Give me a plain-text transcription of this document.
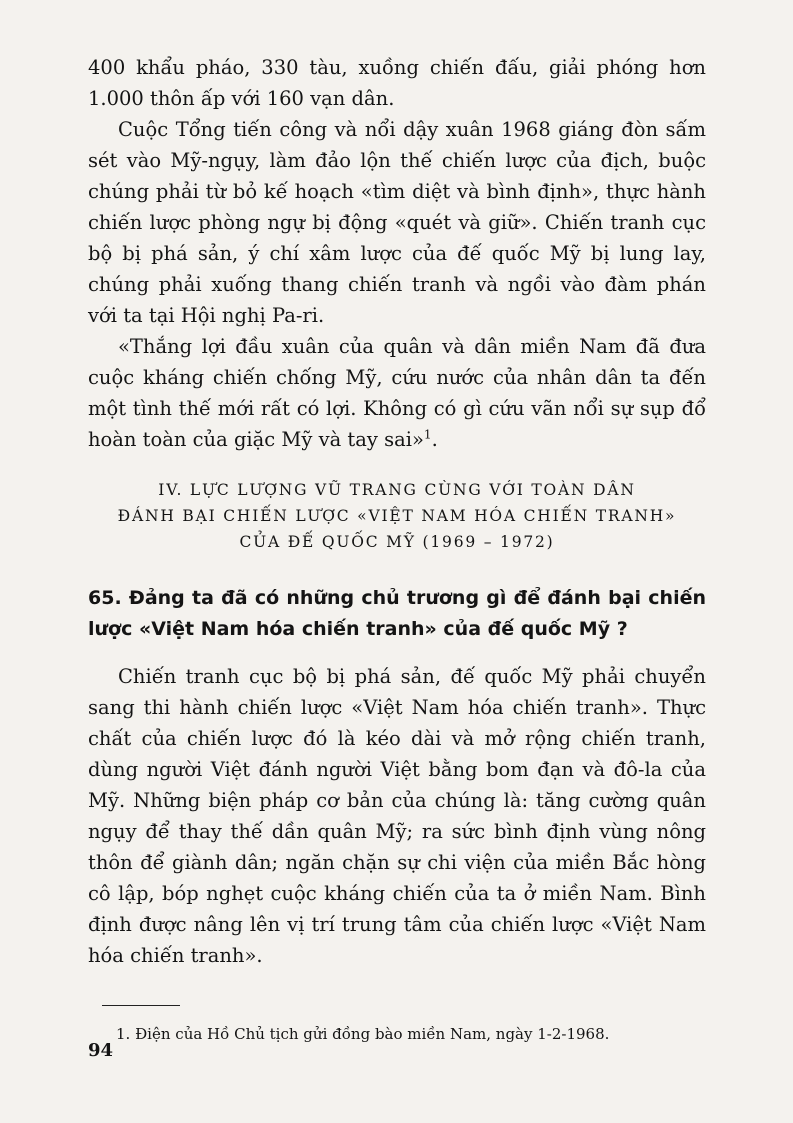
400 khẩu pháo, 330 tàu, xuồng chiến đấu, giải phóng hơn 1.000 thôn ấp với 160 vạn dân.

Cuộc Tổng tiến công và nổi dậy xuân 1968 giáng đòn sấm sét vào Mỹ-ngụy, làm đảo lộn thế chiến lược của địch, buộc chúng phải từ bỏ kế hoạch «tìm diệt và bình định», thực hành chiến lược phòng ngự bị động «quét và giữ». Chiến tranh cục bộ bị phá sản, ý chí xâm lược của đế quốc Mỹ bị lung lay, chúng phải xuống thang chiến tranh và ngồi vào đàm phán với ta tại Hội nghị Pa-ri.

«Thắng lợi đầu xuân của quân và dân miền Nam đã đưa cuộc kháng chiến chống Mỹ, cứu nước của nhân dân ta đến một tình thế mới rất có lợi. Không có gì cứu vãn nổi sự sụp đổ hoàn toàn của giặc Mỹ và tay sai»$^1$.

IV. LỰC LƯỢNG VŨ TRANG CÙNG VỚI TOÀN DÂN
ĐÁNH BẠI CHIẾN LƯỢC «VIỆT NAM HÓA CHIẾN TRANH»
CỦA ĐẾ QUỐC MỸ (1969 – 1972)

65. Đảng ta đã có những chủ trương gì để đánh bại chiến lược «Việt Nam hóa chiến tranh» của đế quốc Mỹ ?

Chiến tranh cục bộ bị phá sản, đế quốc Mỹ phải chuyển sang thi hành chiến lược «Việt Nam hóa chiến tranh». Thực chất của chiến lược đó là kéo dài và mở rộng chiến tranh, dùng người Việt đánh người Việt bằng bom đạn và đô-la của Mỹ. Những biện pháp cơ bản của chúng là: tăng cường quân ngụy để thay thế dần quân Mỹ; ra sức bình định vùng nông thôn để giành dân; ngăn chặn sự chi viện của miền Bắc hòng cô lập, bóp nghẹt cuộc kháng chiến của ta ở miền Nam. Bình định được nâng lên vị trí trung tâm của chiến lược «Việt Nam hóa chiến tranh».

1. Điện của Hồ Chủ tịch gửi đồng bào miền Nam, ngày 1-2-1968.

94
